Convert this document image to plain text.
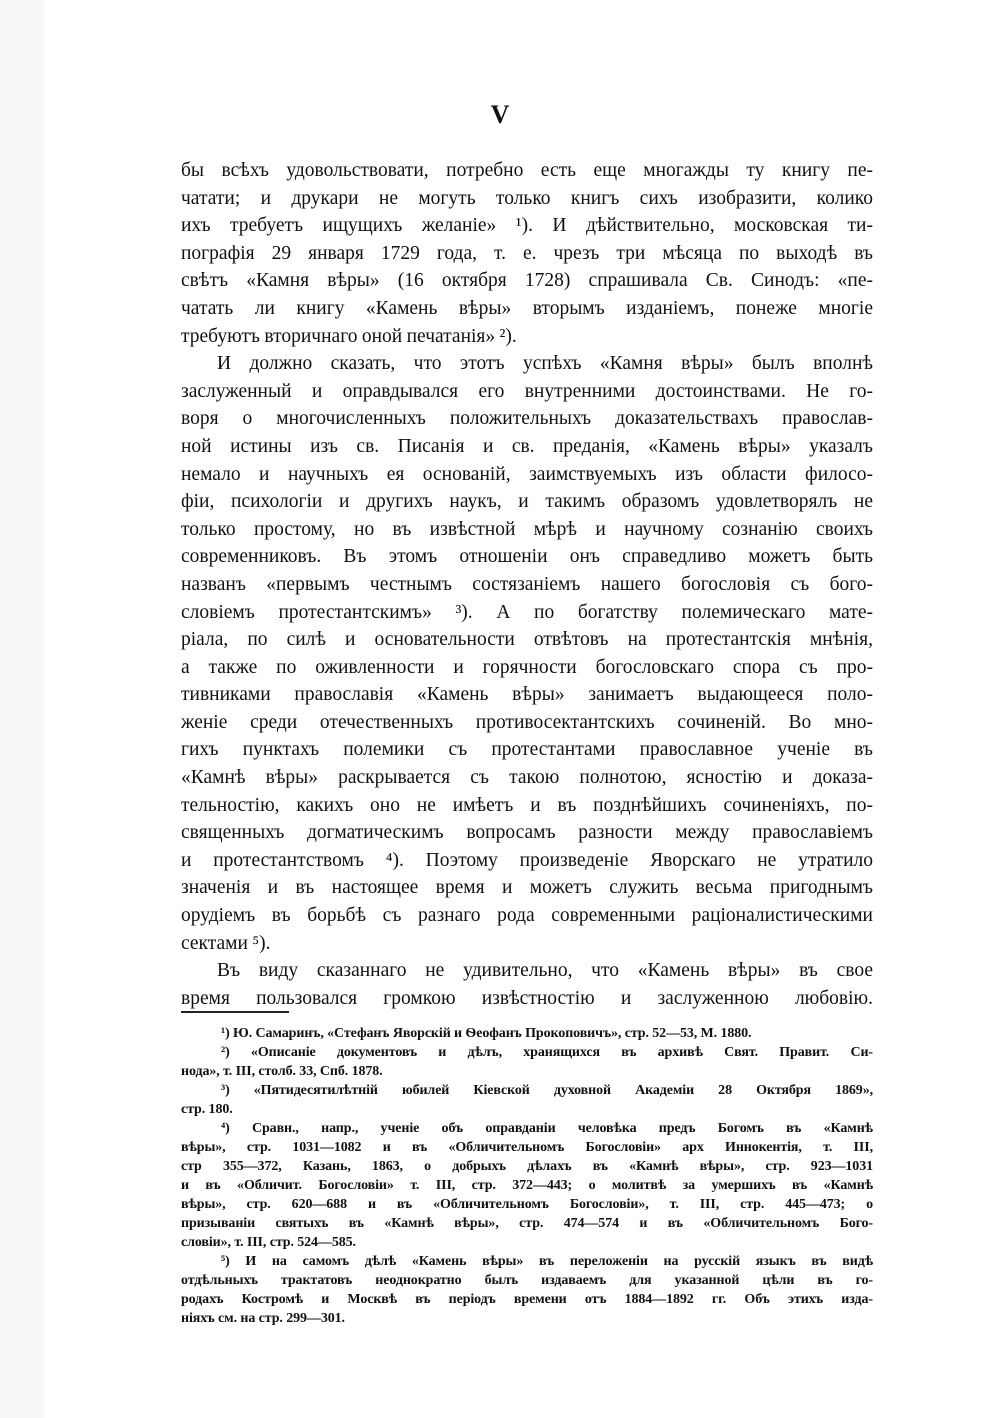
V
бы всѣхъ удовольствовати, потребно есть еще многажды ту книгу пе-
чатати; и друкари не могуть только книгъ сихъ изобразити, колико
ихъ требуетъ ищущихъ желаніе» ¹). И дѣйствительно, московская ти-
пографія 29 января 1729 года, т. е. чрезъ три мѣсяца по выходѣ въ
свѣтъ «Камня вѣры» (16 октября 1728) спрашивала Св. Синодъ: «пе-
чатать ли книгу «Камень вѣры» вторымъ изданіемъ, понеже многіе
требуютъ вторичнаго оной печатанія» ²).
И должно сказать, что этотъ успѣхъ «Камня вѣры» былъ вполнѣ
заслуженный и оправдывался его внутренними достоинствами. Не го-
воря о многочисленныхъ положительныхъ доказательствахъ православ-
ной истины изъ св. Писанія и св. преданія, «Камень вѣры» указалъ
немало и научныхъ ея основаній, заимствуемыхъ изъ области филосо-
фіи, психологіи и другихъ наукъ, и такимъ образомъ удовлетворялъ не
только простому, но въ извѣстной мѣрѣ и научному сознанію своихъ
современниковъ. Въ этомъ отношеніи онъ справедливо можетъ быть
названъ «первымъ честнымъ состязаніемъ нашего богословія съ бого-
словіемъ протестантскимъ» ³). А по богатству полемическаго мате-
ріала, по силѣ и основательности отвѣтовъ на протестантскія мнѣнія,
а также по оживленности и горячности богословскаго спора съ про-
тивниками православія «Камень вѣры» занимаетъ выдающееся поло-
женіе среди отечественныхъ противосектантскихъ сочиненій. Во мно-
гихъ пунктахъ полемики съ протестантами православное ученіе въ
«Камнѣ вѣры» раскрывается съ такою полнотою, ясностію и доказа-
тельностію, какихъ оно не имѣетъ и въ позднѣйшихъ сочиненіяхъ, по-
священныхъ догматическимъ вопросамъ разности между православіемъ
и протестантствомъ ⁴). Поэтому произведеніе Яворскаго не утратило
значенія и въ настоящее время и можетъ служить весьма пригоднымъ
орудіемъ въ борьбѣ съ разнаго рода современными раціоналистическими
сектами ⁵).
Въ виду сказаннаго не удивительно, что «Камень вѣры» въ свое
время пользовался громкою извѣстностію и заслуженною любовію.
¹) Ю. Самаринъ, «Стефанъ Яворскій и Ѳеофанъ Прокоповичъ», стр. 52—53, М. 1880.
²) «Описаніе документовъ и дѣлъ, хранящихся въ архивѣ Свят. Правит. Си-
нода», т. III, столб. 33, Спб. 1878.
³) «Пятидесятилѣтній юбилей Кіевской духовной Академіи 28 Октября 1869»,
стр. 180.
⁴) Сравн., напр., ученіе объ оправданіи человѣка предъ Богомъ въ «Камнѣ
вѣры», стр. 1031—1082 и въ «Обличительномъ Богословіи» арх Иннокентія, т. III,
стр 355—372, Казань, 1863, о добрыхъ дѣлахъ въ «Камнѣ вѣры», стр. 923—1031
и въ «Обличит. Богословіи» т. III, стр. 372—443; о молитвѣ за умершихъ въ «Камнѣ
вѣры», стр. 620—688 и въ «Обличительномъ Богословіи», т. III, стр. 445—473; о
призываніи святыхъ въ «Камнѣ вѣры», стр. 474—574 и въ «Обличительномъ Бого-
словіи», т. III, стр. 524—585.
⁵) И на самомъ дѣлѣ «Камень вѣры» въ переложеніи на русскій языкъ въ видѣ
отдѣльныхъ трактатовъ неоднократно былъ издаваемъ для указанной цѣли въ го-
родахъ Костромѣ и Москвѣ въ періодъ времени отъ 1884—1892 гг. Объ этихъ изда-
ніяхъ см. на стр. 299—301.
